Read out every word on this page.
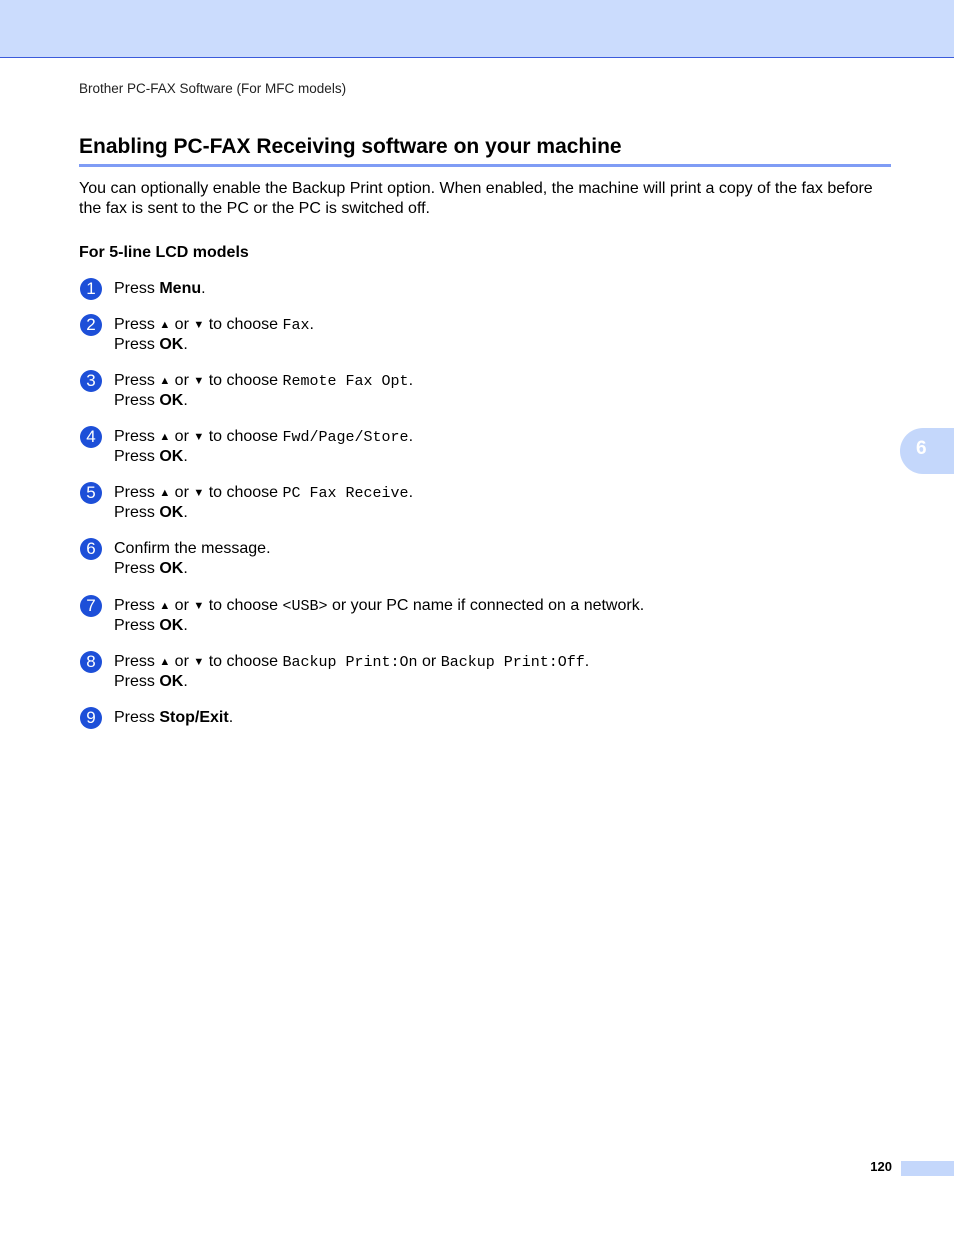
Brother PC-FAX Software (For MFC models)
Enabling PC-FAX Receiving software on your machine

You can optionally enable the Backup Print option. When enabled, the machine will print a copy of the fax before the fax is sent to the PC or the PC is switched off.

For 5-line LCD models
1	Press Menu.
2	Press ▲ or ▼ to choose Fax.
Press OK.
3	Press ▲ or ▼ to choose Remote Fax Opt.
Press OK.
4	Press ▲ or ▼ to choose Fwd/Page/Store.
Press OK.
5	Press ▲ or ▼ to choose PC Fax Receive.
Press OK.
6	Confirm the message.
Press OK.
7	Press ▲ or ▼ to choose <USB> or your PC name if connected on a network.
Press OK.
8	Press ▲ or ▼ to choose Backup Print:On or Backup Print:Off.
Press OK.
9	Press Stop/Exit.
6
120
